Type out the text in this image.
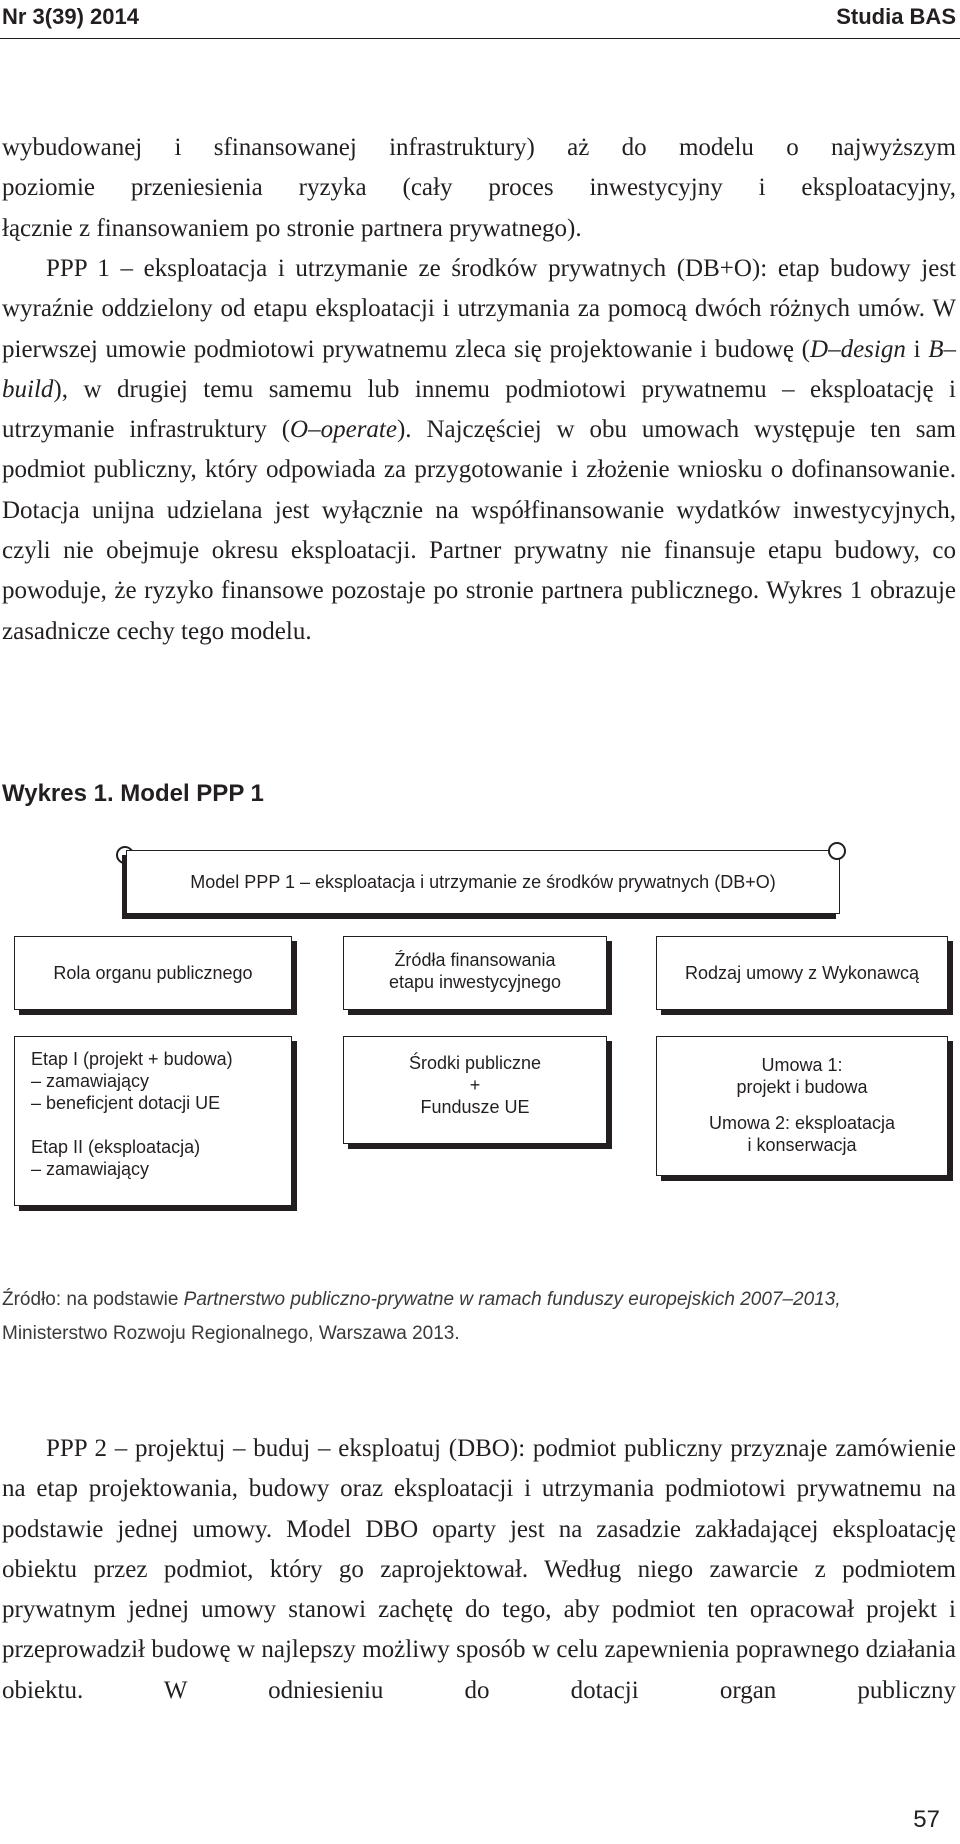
Nr 3(39) 2014	Studia BAS

wybudowanej i sfinansowanej infrastruktury) aż do modelu o najwyższym

poziomie przeniesienia ryzyka (cały proces inwestycyjny i eksploatacyjny,

łącznie z finansowaniem po stronie partnera prywatnego).

PPP 1 – eksploatacja i utrzymanie ze środków prywatnych (DB+O): etap budowy jest wyraźnie oddzielony od etapu eksploatacji i utrzymania za pomocą dwóch różnych umów. W pierwszej umowie podmiotowi prywatnemu zleca się projektowanie i budowę (D–design i B–build), w drugiej temu samemu lub innemu podmiotowi prywatnemu – eksploatację i utrzymanie infrastruktury (O–operate). Najczęściej w obu umowach występuje ten sam podmiot publiczny, który odpowiada za przygotowanie i złożenie wniosku o dofinansowanie. Dotacja unijna udzielana jest wyłącznie na współfinansowanie wydatków inwestycyjnych, czyli nie obejmuje okresu eksploatacji. Partner prywatny nie finansuje etapu budowy, co powoduje, że ryzyko finansowe pozostaje po stronie partnera publicznego. Wykres 1 obrazuje zasadnicze cechy tego modelu.

Wykres 1. Model PPP 1
Model PPP 1 – eksploatacja i utrzymanie ze środków prywatnych (DB+O)
Rola organu publicznego
Źródła finansowania
etapu inwestycyjnego	Rodzaj umowy z Wykonawcą
Etap I (projekt + budowa)
– zamawiający
– beneficjent dotacji UE
Etap II (eksploatacja)
– zamawiający
Środki publiczne
+
Fundusze UE
Umowa 1:
projekt i budowa
Umowa 2: eksploatacja
i konserwacja
Źródło: na podstawie Partnerstwo publiczno-prywatne w ramach funduszy europejskich 2007–2013,
Ministerstwo Rozwoju Regionalnego, Warszawa 2013.

PPP 2 – projektuj – buduj – eksploatuj (DBO): podmiot publiczny przyznaje zamówienie na etap projektowania, budowy oraz eksploatacji i utrzymania podmiotowi prywatnemu na podstawie jednej umowy. Model DBO oparty jest na zasadzie zakładającej eksploatację obiektu przez podmiot, który go zaprojektował. Według niego zawarcie z podmiotem prywatnym jednej umowy stanowi zachętę do tego, aby podmiot ten opracował projekt i przeprowadził budowę w najlepszy możliwy sposób w celu zapewnienia poprawnego działania obiektu. W odniesieniu do dotacji organ publiczny

57
